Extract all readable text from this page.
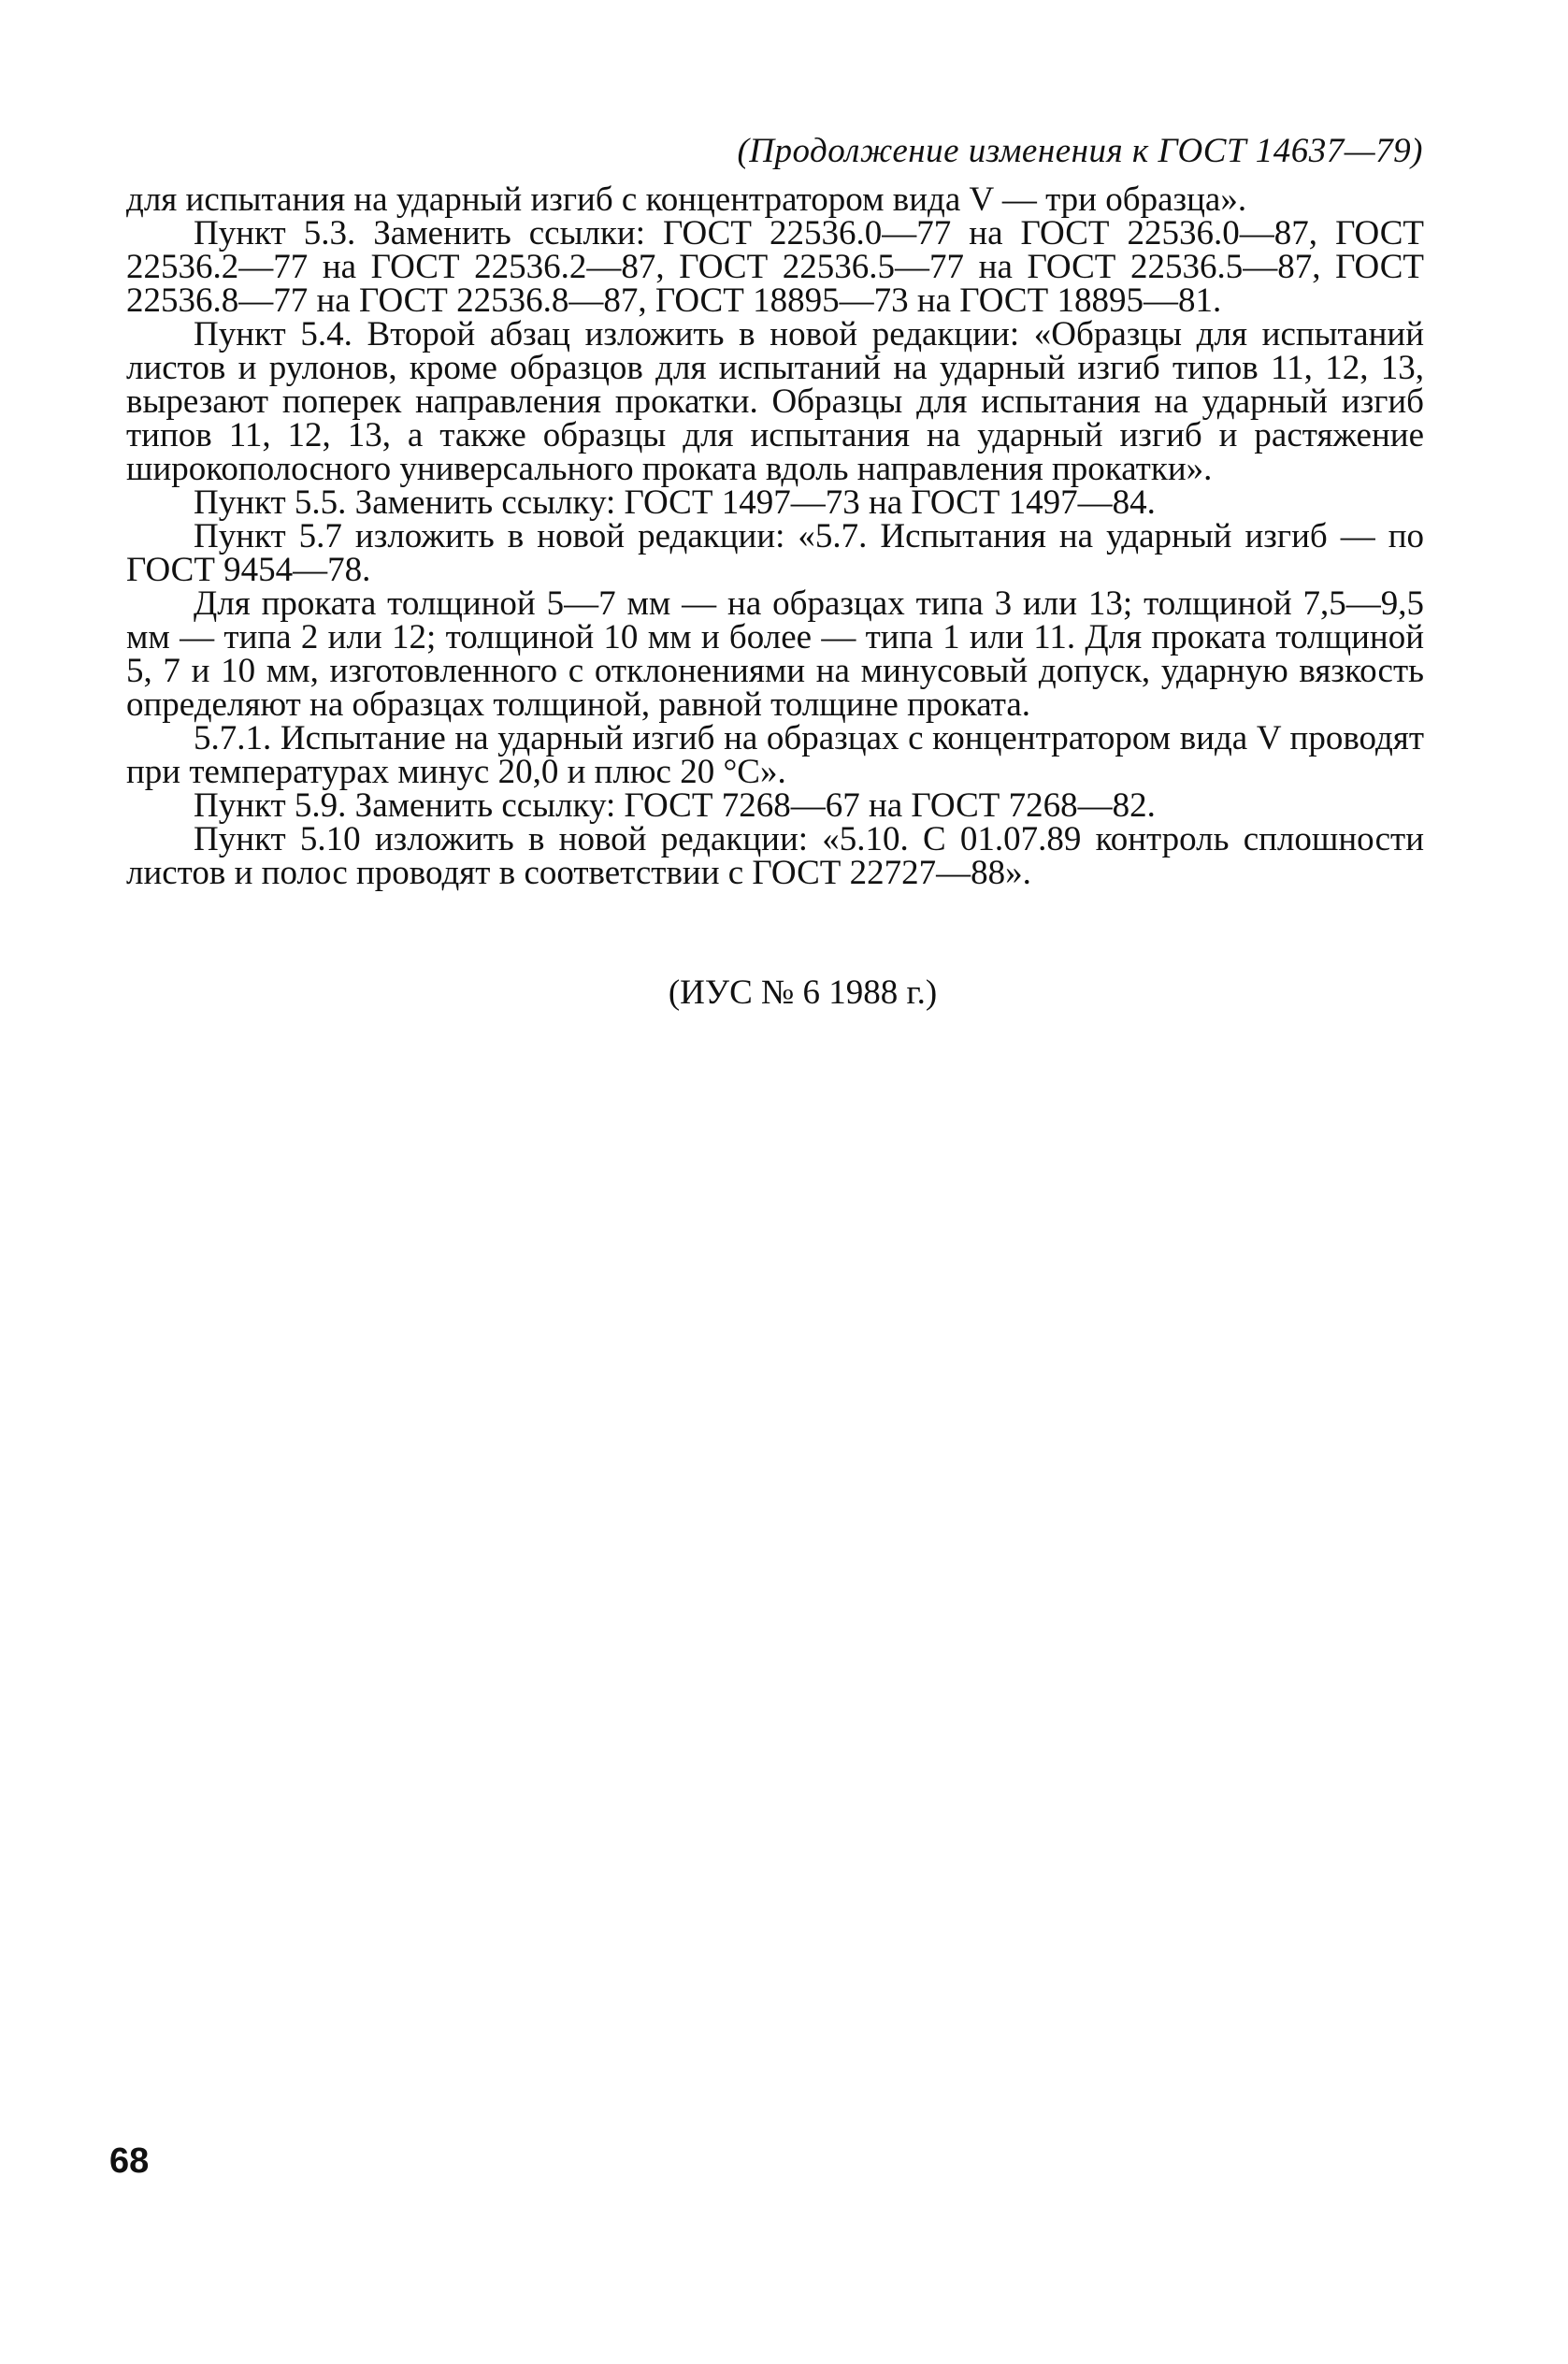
(Продолжение изменения к ГОСТ 14637—79)

для испытания на ударный изгиб с концентратором вида V — три образца».

Пункт 5.3. Заменить ссылки: ГОСТ 22536.0—77 на ГОСТ 22536.0—87, ГОСТ 22536.2—77 на ГОСТ 22536.2—87, ГОСТ 22536.5—77 на ГОСТ 22536.5—87, ГОСТ 22536.8—77 на ГОСТ 22536.8—87, ГОСТ 18895—73 на ГОСТ 18895—81.

Пункт 5.4. Второй абзац изложить в новой редакции: «Образцы для испытаний листов и рулонов, кроме образцов для испытаний на ударный изгиб типов 11, 12, 13, вырезают поперек направления прокатки. Образцы для испытания на ударный изгиб типов 11, 12, 13, а также образцы для испытания на ударный изгиб и растяжение широкополосного универсального проката вдоль направления прокатки».

Пункт 5.5. Заменить ссылку: ГОСТ 1497—73 на ГОСТ 1497—84.

Пункт 5.7 изложить в новой редакции: «5.7. Испытания на ударный изгиб — по ГОСТ 9454—78.

Для проката толщиной 5—7 мм — на образцах типа 3 или 13; толщиной 7,5—9,5 мм — типа 2 или 12; толщиной 10 мм и более — типа 1 или 11. Для проката толщиной 5, 7 и 10 мм, изготовленного с отклонениями на минусовый допуск, ударную вязкость определяют на образцах толщиной, равной толщине проката.

5.7.1. Испытание на ударный изгиб на образцах с концентратором вида V проводят при температурах минус 20,0 и плюс 20 °С».

Пункт 5.9. Заменить ссылку: ГОСТ 7268—67 на ГОСТ 7268—82.

Пункт 5.10 изложить в новой редакции: «5.10. С 01.07.89 контроль сплошности листов и полос проводят в соответствии с ГОСТ 22727—88».

(ИУС № 6 1988 г.)
68
